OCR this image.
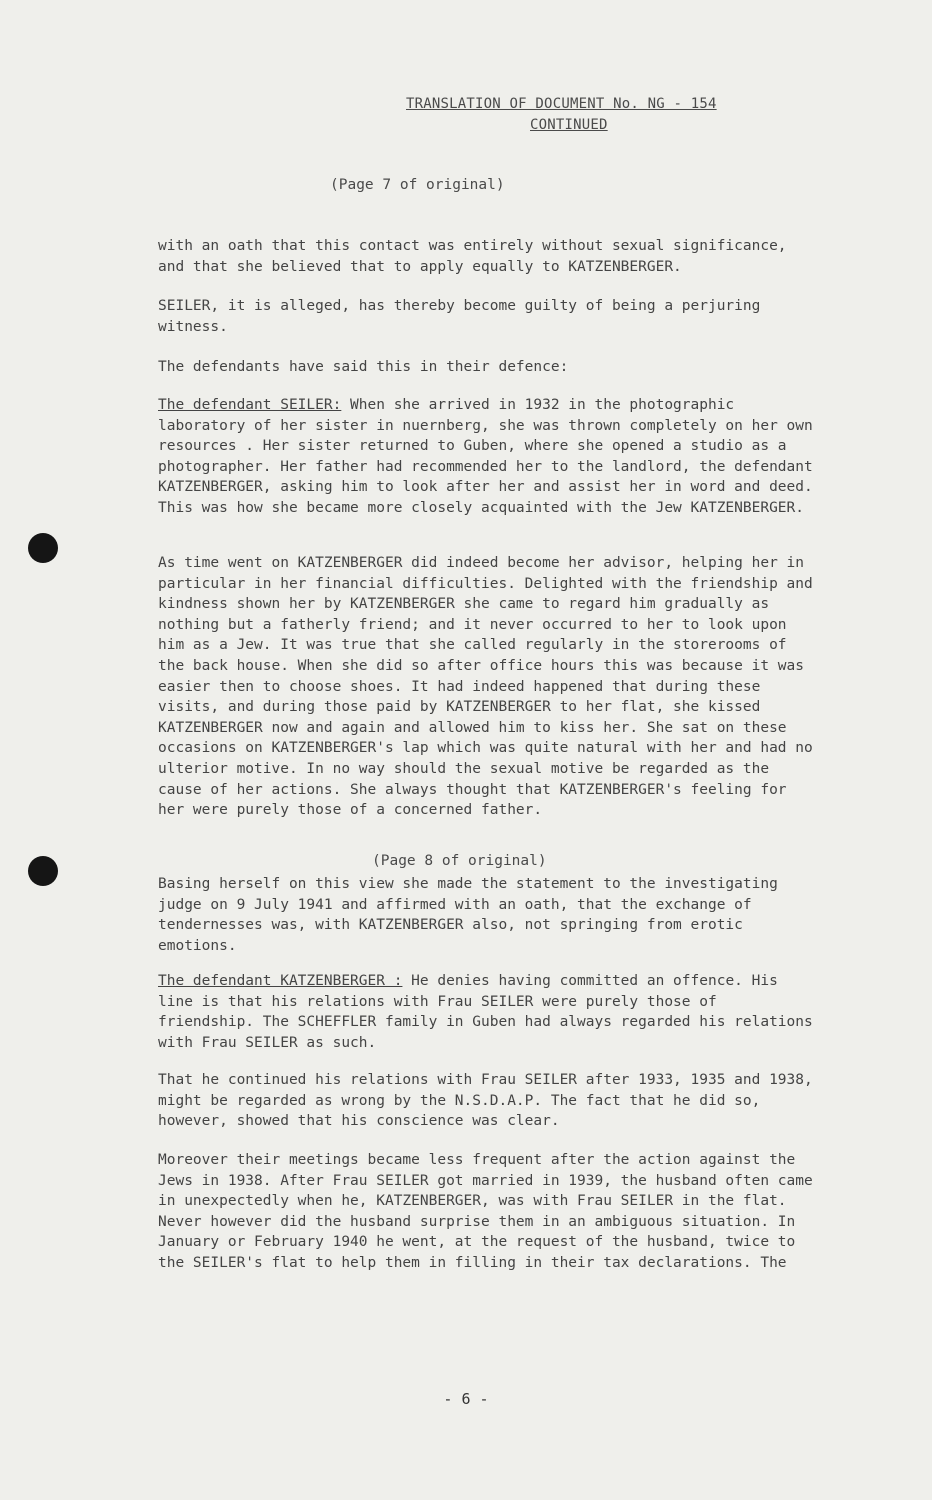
TRANSLATION OF DOCUMENT No. NG - 154
CONTINUED
(Page 7 of original)

with an oath that this contact was entirely without sexual significance, and that she believed that to apply equally to KATZENBERGER.

SEILER, it is alleged, has thereby become guilty of being a perjuring witness.

The defendants have said this in their defence:

The defendant SEILER: When she arrived in 1932 in the photographic laboratory of her sister in nuernberg, she was thrown completely on her own resources . Her sister returned to Guben, where she opened a studio as a photographer. Her father had recommended her to the landlord, the defendant KATZENBERGER, asking him to look after her and assist her in word and deed. This was how she became more closely acquainted with the Jew KATZENBERGER.

As time went on KATZENBERGER did indeed become her advisor, helping her in particular in her financial difficulties. Delighted with the friendship and kindness shown her by KATZENBERGER she came to regard him gradually as nothing but a fatherly friend; and it never occurred to her to look upon him as a Jew. It was true that she called regularly in the storerooms of the back house. When she did so after office hours this was because it was easier then to choose shoes. It had indeed happened that during these visits, and during those paid by KATZENBERGER to her flat, she kissed KATZENBERGER now and again and allowed him to kiss her. She sat on these occasions on KATZENBERGER's lap which was quite natural with her and had no ulterior motive. In no way should the sexual motive be regarded as the cause of her actions. She always thought that KATZENBERGER's feeling for her were purely those of a concerned father.

(Page 8 of original)

Basing herself on this view she made the statement to the investigating judge on 9 July 1941 and affirmed with an oath, that the exchange of tendernesses was, with KATZENBERGER also, not springing from erotic emotions.

The defendant KATZENBERGER : He denies having committed an offence. His line is that his relations with Frau SEILER were purely those of friendship. The SCHEFFLER family in Guben had always regarded his relations with Frau SEILER as such.

That he continued his relations with Frau SEILER after 1933, 1935 and 1938, might be regarded as wrong by the N.S.D.A.P. The fact that he did so, however, showed that his conscience was clear.

Moreover their meetings became less frequent after the action against the Jews in 1938. After Frau SEILER got married in 1939, the husband often came in unexpectedly when he, KATZENBERGER, was with Frau SEILER in the flat. Never however did the husband surprise them in an ambiguous situation. In January or February 1940 he went, at the request of the husband, twice to the SEILER's flat to help them in filling in their tax declarations. The

- 6 -
